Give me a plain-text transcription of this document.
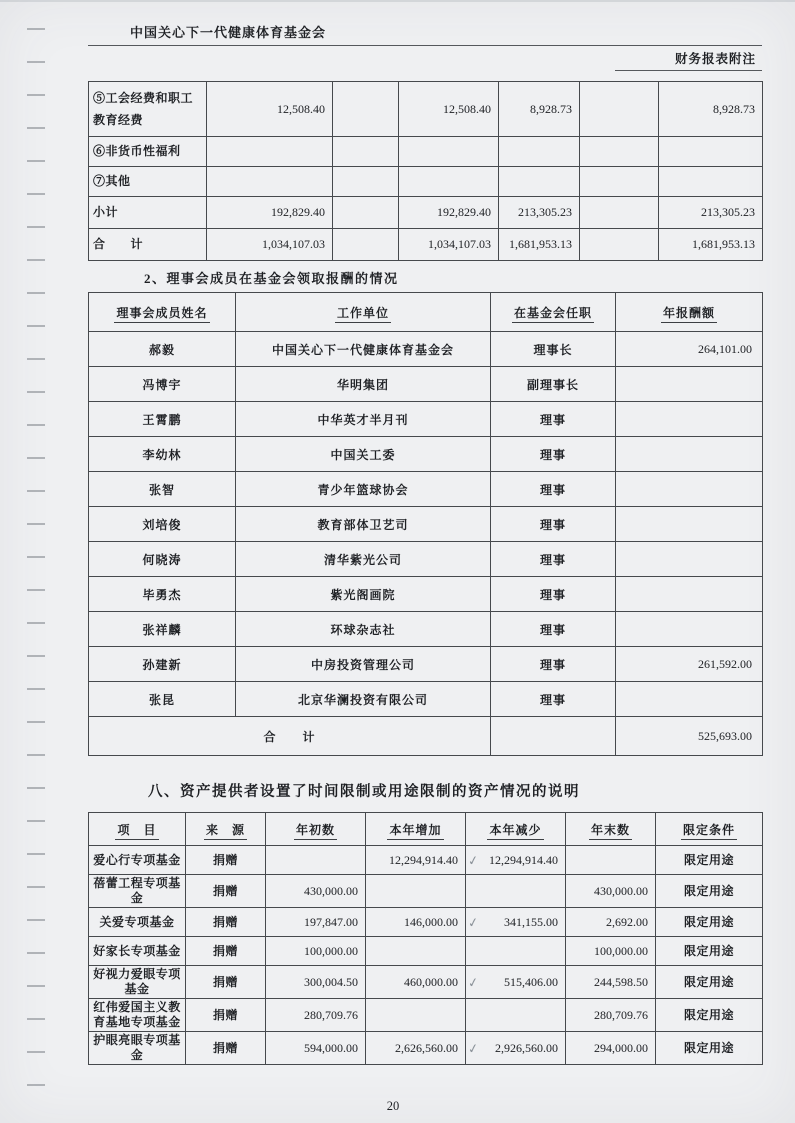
中国关心下一代健康体育基金会
财务报表附注
⑤工会经费和职工教育经费	12,508.40		12,508.40	8,928.73		8,928.73
⑥非货币性福利						
⑦其他						
小计	192,829.40		192,829.40	213,305.23		213,305.23
合　　计	1,034,107.03		1,034,107.03	1,681,953.13		1,681,953.13
2、理事会成员在基金会领取报酬的情况
理事会成员姓名	工作单位	在基金会任职	年报酬额
郝毅	中国关心下一代健康体育基金会	理事长	264,101.00
冯博宇	华明集团	副理事长	
王霄鹏	中华英才半月刊	理事	
李幼林	中国关工委	理事	
张智	青少年篮球协会	理事	
刘培俊	教育部体卫艺司	理事	
何晓涛	清华紫光公司	理事	
毕勇杰	紫光阁画院	理事	
张祥麟	环球杂志社	理事	
孙建新	中房投资管理公司	理事	261,592.00
张昆	北京华澜投资有限公司	理事	
合　　计			525,693.00
八、资产提供者设置了时间限制或用途限制的资产情况的说明
项　目	来　源	年初数	本年增加	本年减少	年末数	限定条件
爱心行专项基金	捐赠		12,294,914.40 ✓	12,294,914.40		限定用途
蓓蕾工程专项基金	捐赠	430,000.00			430,000.00	限定用途
关爱专项基金	捐赠	197,847.00	146,000.00 ✓	341,155.00	2,692.00	限定用途
好家长专项基金	捐赠	100,000.00			100,000.00	限定用途
好视力爱眼专项基金	捐赠	300,004.50	460,000.00 ✓	515,406.00	244,598.50	限定用途
红伟爱国主义教育基地专项基金	捐赠	280,709.76			280,709.76	限定用途
护眼亮眼专项基金	捐赠	594,000.00	2,626,560.00 ✓	2,926,560.00	294,000.00	限定用途
20
